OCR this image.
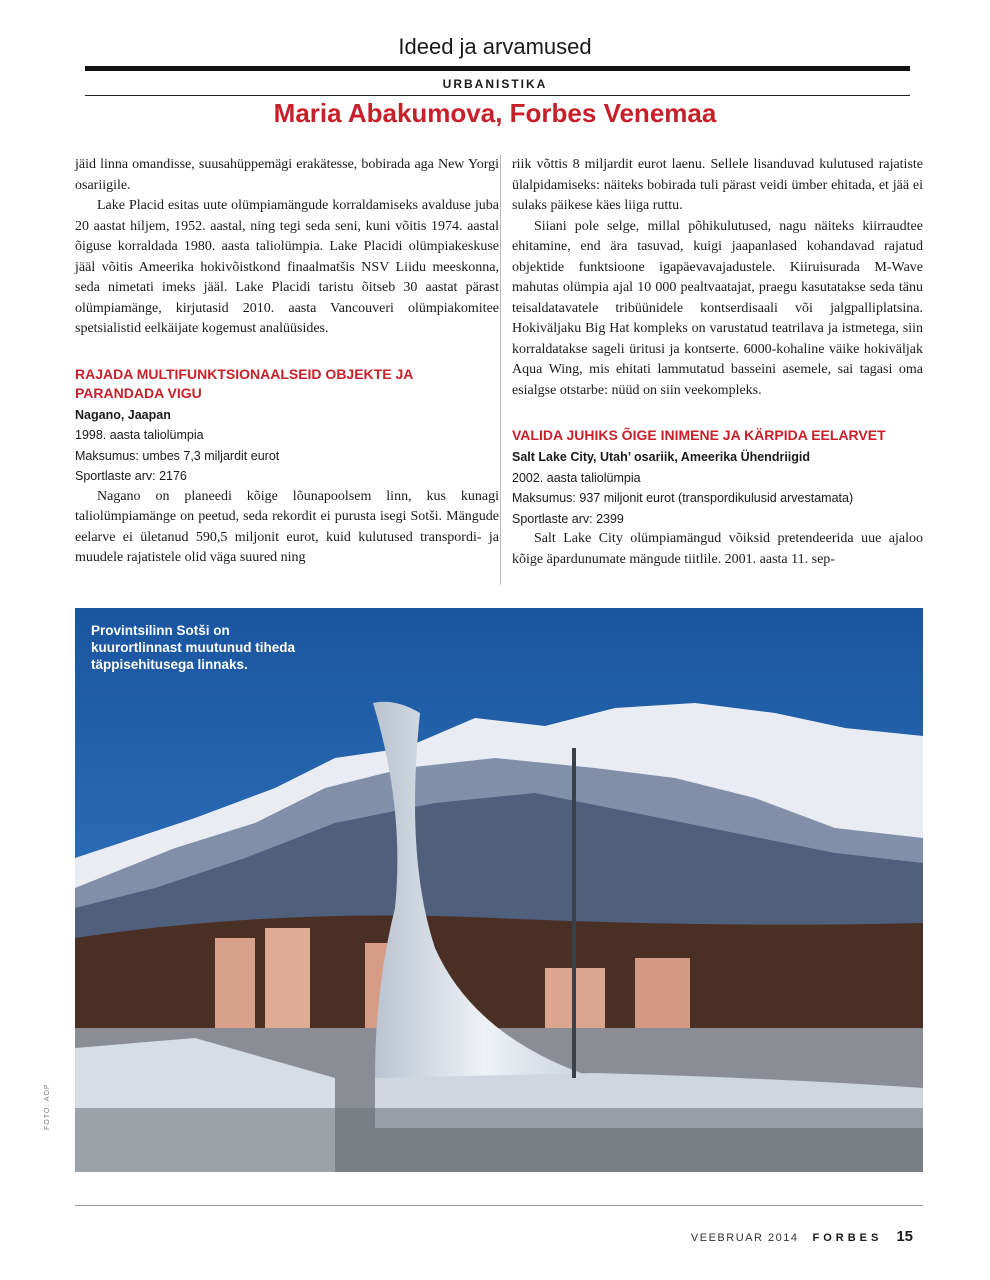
Ideed ja arvamused
URBANISTIKA
Maria Abakumova, Forbes Venemaa

jäid linna omandisse, suusahüppemägi erakätesse, bobirada aga New Yorgi osariigile.

Lake Placid esitas uute olümpiamängude korraldamiseks avalduse juba 20 aastat hiljem, 1952. aastal, ning tegi seda seni, kuni võitis 1974. aastal õiguse korraldada 1980. aasta taliolümpia. Lake Placidi olümpiakeskuse jääl võitis Ameerika hokivõistkond finaalmatšis NSV Liidu meeskonna, seda nimetati imeks jääl. Lake Placidi taristu õitseb 30 aastat pärast olümpiamänge, kirjutasid 2010. aasta Vancouveri olümpiakomitee spetsialistid eelkäijate kogemust analüüsides.

RAJADA MULTIFUNKTSIONAALSEID OBJEKTE JA PARANDADA VIGU
Nagano, Jaapan
1998. aasta taliolümpia
Maksumus: umbes 7,3 miljardit eurot
Sportlaste arv: 2176

Nagano on planeedi kõige lõunapoolsem linn, kus kunagi taliolümpiamänge on peetud, seda rekordit ei purusta isegi Sotši. Mängude eelarve ei ületanud 590,5 miljonit eurot, kuid kulutused transpordi- ja muudele rajatistele olid väga suured ning

riik võttis 8 miljardit eurot laenu. Sellele lisanduvad kulutused rajatiste ülalpidamiseks: näiteks bobirada tuli pärast veidi ümber ehitada, et jää ei sulaks päikese käes liiga ruttu.

Siiani pole selge, millal põhikulutused, nagu näiteks kiirraudtee ehitamine, end ära tasuvad, kuigi jaapanlased kohandavad rajatud objektide funktsioone igapäevavajadustele. Kiiruisurada M-Wave mahutas olümpia ajal 10 000 pealtvaatajat, praegu kasutatakse seda tänu teisaldatavatele tribüünidele kontserdisaali või jalgpalliplatsina. Hokiväljaku Big Hat kompleks on varustatud teatrilava ja istmetega, siin korraldatakse sageli üritusi ja kontserte. 6000-kohaline väike hokiväljak Aqua Wing, mis ehitati lammutatud basseini asemele, sai tagasi oma esialgse otstarbe: nüüd on siin veekompleks.

VALIDA JUHIKS ÕIGE INIMENE JA KÄRPIDA EELARVET
Salt Lake City, Utah’ osariik, Ameerika Ühendriigid
2002. aasta taliolümpia
Maksumus: 937 miljonit eurot (transpordikulusid arvestamata)
Sportlaste arv: 2399

Salt Lake City olümpiamängud võiksid pretendeerida uue ajaloo kõige äpardunumate mängude tiitlile. 2001. aasta 11. sep-

Provintsilinn Sotši on kuurortlinnast muutunud tiheda täppisehitusega linnaks.
FOTO: AOP
VEEBRUAR 2014 FORBES 15
